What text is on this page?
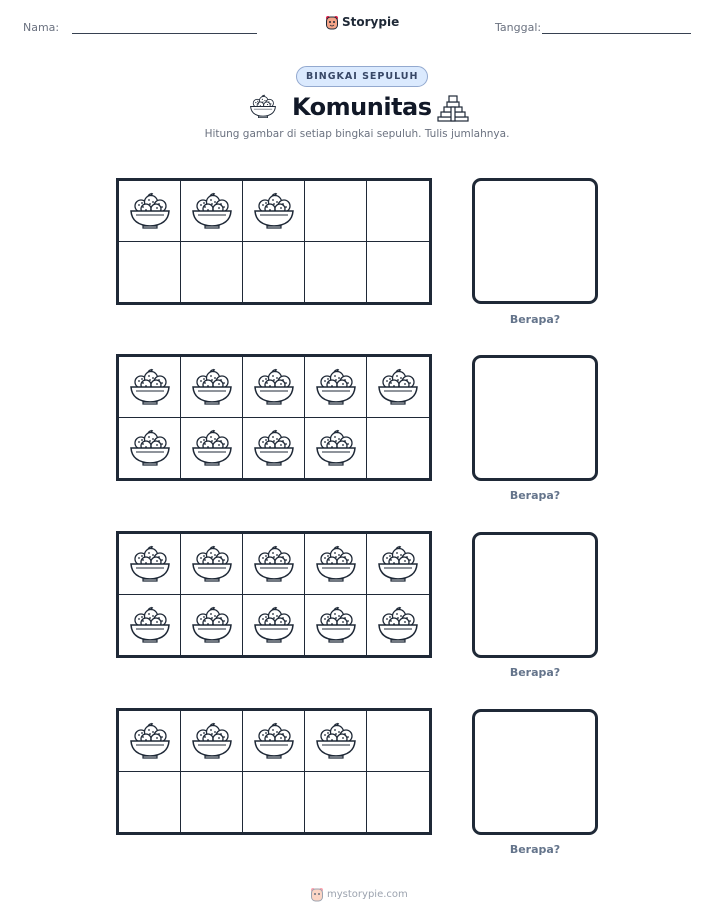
Nama:	Storypie	Tanggal:
BINGKAI SEPULUH
Komunitas
Hitung gambar di setiap bingkai sepuluh. Tulis jumlahnya.
Berapa?
Berapa?
Berapa?
Berapa?
mystorypie.com
